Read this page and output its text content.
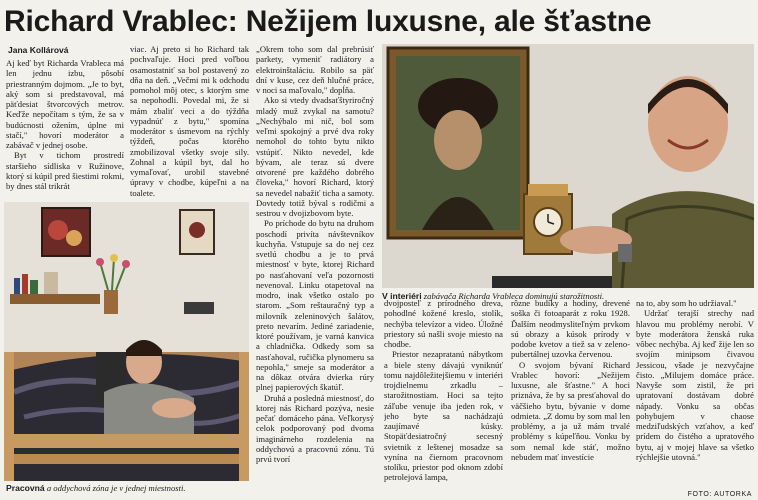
Richard Vrablec: Nežijem luxusne, ale šťastne
Jana Kollárová

Aj keď byt Richarda Vrableca má len jednu izbu, pôsobí priestranným dojmom. „Je to byt, aký som si predstavoval, má päťdesiat štvorcových metrov. Keďže nepočítam s tým, že sa v budúcnosti ožením, úplne mi stačí," hovorí moderátor a zabávač v jednej osobe.

Byt v tichom prostredí staršieho sídliska v Ružinove, ktorý si kúpil pred šiestimi rokmi, by dnes stál trikrát

viac. Aj preto si ho Richard tak pochvaľuje. Hoci pred voľbou osamostatniť sa bol postavený zo dňa na deň. „Večmi mi k odchodu pomohol môj otec, s ktorým sme sa nepohodli. Povedal mi, že si mám zbaliť veci a do týždňa vypadnúť z bytu," spomína moderátor s úsmevom na rýchly týždeň, počas ktorého zmobilizoval všetky svoje sily. Zohnal a kúpil byt, dal ho vymaľovať, urobil stavebné úpravy v chodbe, kúpeľni a na toalete.

„Okrem toho som dal prebrúsiť parkety, vymeniť radiátory a elektroinštaláciu. Robilo sa päť dní v kuse, cez deň hlučné práce, v noci sa maľovalo," dopĺňa.

Ako si vtedy dvadsaťštyriročný mladý muž zvykal na samotu? „Nechýbalo mi nič, bol som veľmi spokojný a prvé dva roky nemohol do tohto bytu nikto vstúpiť. Nikto nevedel, kde bývam, ale teraz sú dvere otvorené pre každého dobrého človeka," hovorí Richard, ktorý sa nevedel nabažiť ticha a samoty. Dovtedy totiž býval s rodičmi a sestrou v dvojizbovom byte.

Po príchode do bytu na druhom poschodí privíta návštevníkov kuchyňa. Vstupuje sa do nej cez svetlú chodbu a je to prvá miestnosť v byte, ktorej Richard po nasťahovaní veľa pozornosti nevenoval. Linku otapetoval na modro, inak všetko ostalo po starom. „Som reštauračný typ a milovník zeleninových šalátov, preto nevarím. Jediné zariadenie, ktoré používam, je varná kanvica a chladnička. Odkedy som sa nasťahoval, ručička plynomeru sa nepohla," smeje sa moderátor a na dôkaz otvára dvierka rúry plnej papierových škatúľ.

Druhá a posledná miestnosť, do ktorej nás Richard pozýva, nesie pečať domáceho pána. Veľkorysý celok podporovaný pod dvoma imaginárneho rozdelenia na oddychovú a pracovnú zónu. Tú prvú tvorí

dvojposteľ z prírodného dreva, pohodlné kožené kreslo, stolík, nechýba televízor a video. Úložné priestory sú našli svoje miesto na chodbe.

Priestor nezapratanú nábytkom a biele steny dávajú vyniknúť tomu najdôležitejšiemu v interiéri trojdielnemu zrkadlu – starožitnostiam. Hoci sa tejto záľube venuje iba jeden rok, v jeho byte sa nachádzajú zaujímavé kúsky. Stopäťdesiatročný secesný svietnik z leštenej mosadze sa vynína na čiernom pracovnom stolíku, priestor pod oknom zdobí petrolejová lampa,

rôzne budíky a hodiny, drevené soška či fotoaparát z roku 1928. Ďalším neodmysliteľným prvkom sú obrazy a kúsok prírody v podobe kvetov a tiež sa v zeleno-pubertálnej uzovka červenou.

O svojom bývaní Richard Vrablec hovorí: „Nežijem luxusne, ale šťastne." A hoci priznáva, že by sa presťahoval do väčšieho bytu, bývanie v dome odmieta. „Z domu by som mal len problémy, a ja už mám trvalé problémy s kúpeľňou. Vonku by som nemal kde stáť, možno nebudem mať investície

na to, aby som ho udržiaval."

Udržať terajší strechy nad hlavou mu problémy nerobí. V byte moderátora ženská ruka vôbec nechýba. Aj keď žije len so svojím minipsom čivavou Jessicou, všade je nezvyčajne čisto. „Milujem domáce práce. Navyše som zistil, že pri upratovaní dostávam dobré nápady. Vonku sa občas pohybujem v chaose medziľudských vzťahov, a keď prídem do čistého a upratového bytu, aj v mojej hlave sa všetko rýchlejšie utovná."

Pracovná a oddychová zóna je v jednej miestnosti.
V interiéri zabávača Richarda Vrableca dominujú starožitnosti.
FOTO: AUTORKA
